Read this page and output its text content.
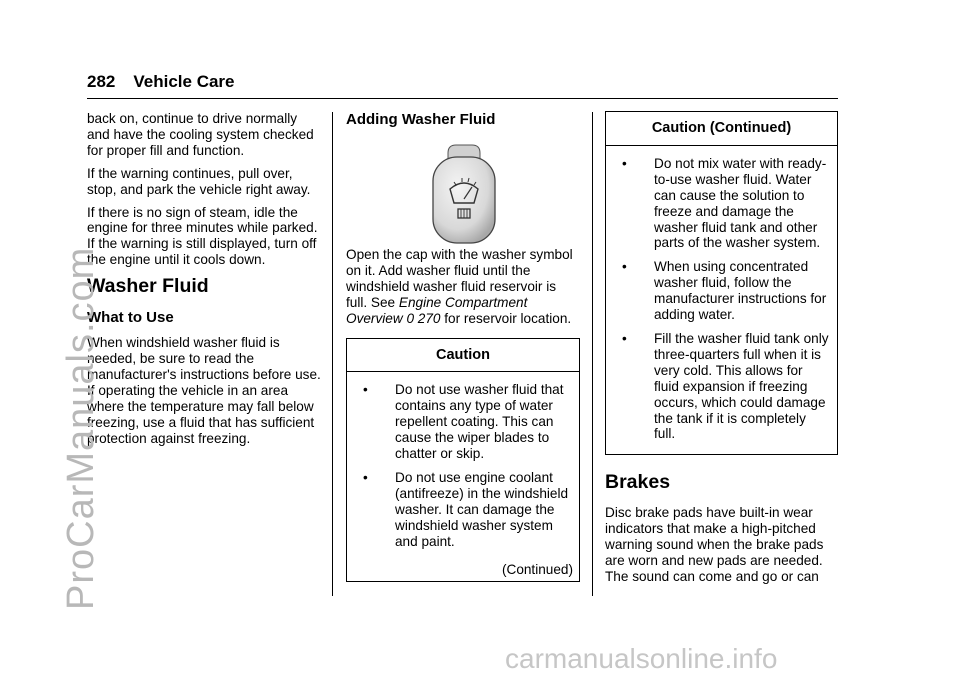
282 Vehicle Care

back on, continue to drive normally and have the cooling system checked for proper fill and function.

If the warning continues, pull over, stop, and park the vehicle right away.

If there is no sign of steam, idle the engine for three minutes while parked. If the warning is still displayed, turn off the engine until it cools down.

Washer Fluid
What to Use

When windshield washer fluid is needed, be sure to read the manufacturer's instructions before use. If operating the vehicle in an area where the temperature may fall below freezing, use a fluid that has sufficient protection against freezing.

Adding Washer Fluid

Open the cap with the washer symbol on it. Add washer fluid until the windshield washer fluid reservoir is full. See Engine Compartment Overview 0 270 for reservoir location.

Caution
•	Do not use washer fluid that contains any type of water repellent coating. This can cause the wiper blades to chatter or skip.
•	Do not use engine coolant (antifreeze) in the windshield washer. It can damage the windshield washer system and paint.
(Continued)
Caution (Continued)
•	Do not mix water with ready-to-use washer fluid. Water can cause the solution to freeze and damage the washer fluid tank and other parts of the washer system.
•	When using concentrated washer fluid, follow the manufacturer instructions for adding water.
•	Fill the washer fluid tank only three-quarters full when it is very cold. This allows for fluid expansion if freezing occurs, which could damage the tank if it is completely full.
Brakes

Disc brake pads have built-in wear indicators that make a high-pitched warning sound when the brake pads are worn and new pads are needed. The sound can come and go or can

ProCarManuals.com
carmanualsonline.info
